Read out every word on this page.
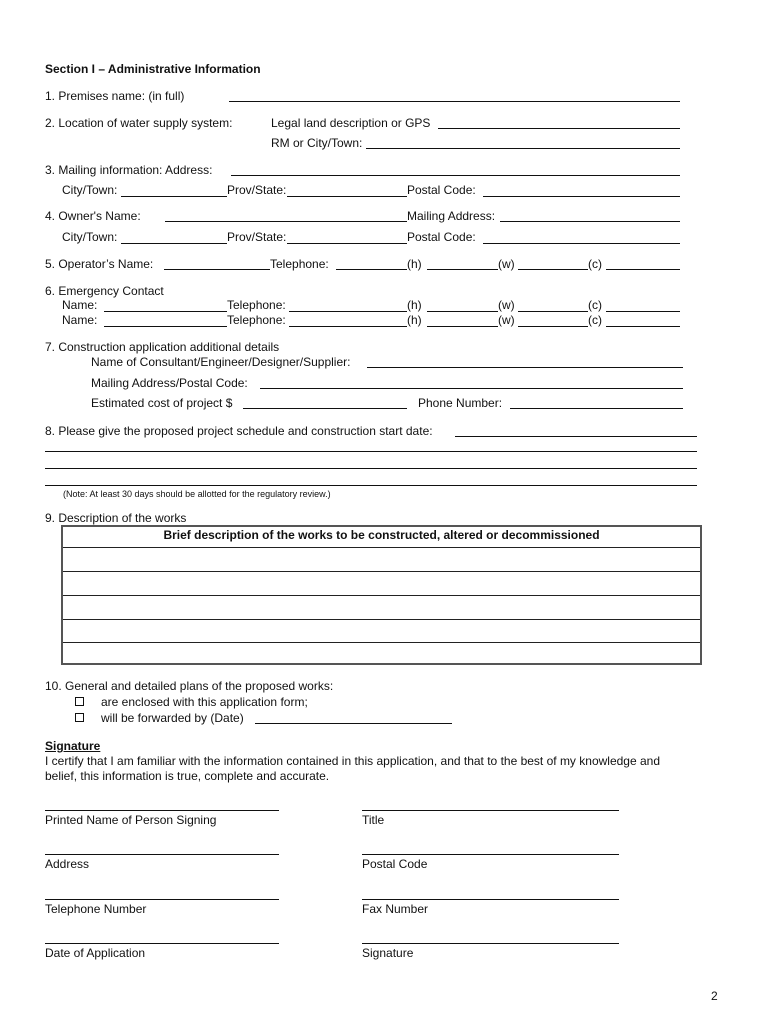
Section I – Administrative Information
1. Premises name: (in full)
2. Location of water supply system:	Legal land description or GPS
RM or City/Town:
3. Mailing information: Address:
City/Town:	Prov/State:	Postal Code:
4. Owner's Name:	Mailing Address:
City/Town:	Prov/State:	Postal Code:
5. Operator’s Name:	Telephone:	(h)	(w)	(c)
6. Emergency Contact
Name:	Telephone:	(h)	(w)	(c)
Name:	Telephone:	(h)	(w)	(c)
7. Construction application additional details
Name of Consultant/Engineer/Designer/Supplier:
Mailing Address/Postal Code:
Estimated cost of project $	Phone Number:
8. Please give the proposed project schedule and construction start date:
(Note: At least 30 days should be allotted for the regulatory review.)
9. Description of the works
Brief description of the works to be constructed, altered or decommissioned
10. General and detailed plans of the proposed works:
are enclosed with this application form;
will be forwarded by (Date)
Signature
I certify that I am familiar with the information contained in this application, and that to the best of my knowledge and
belief, this information is true, complete and accurate.
Printed Name of Person Signing	Title
Address	Postal Code
Telephone Number	Fax Number
Date of Application	Signature
2
